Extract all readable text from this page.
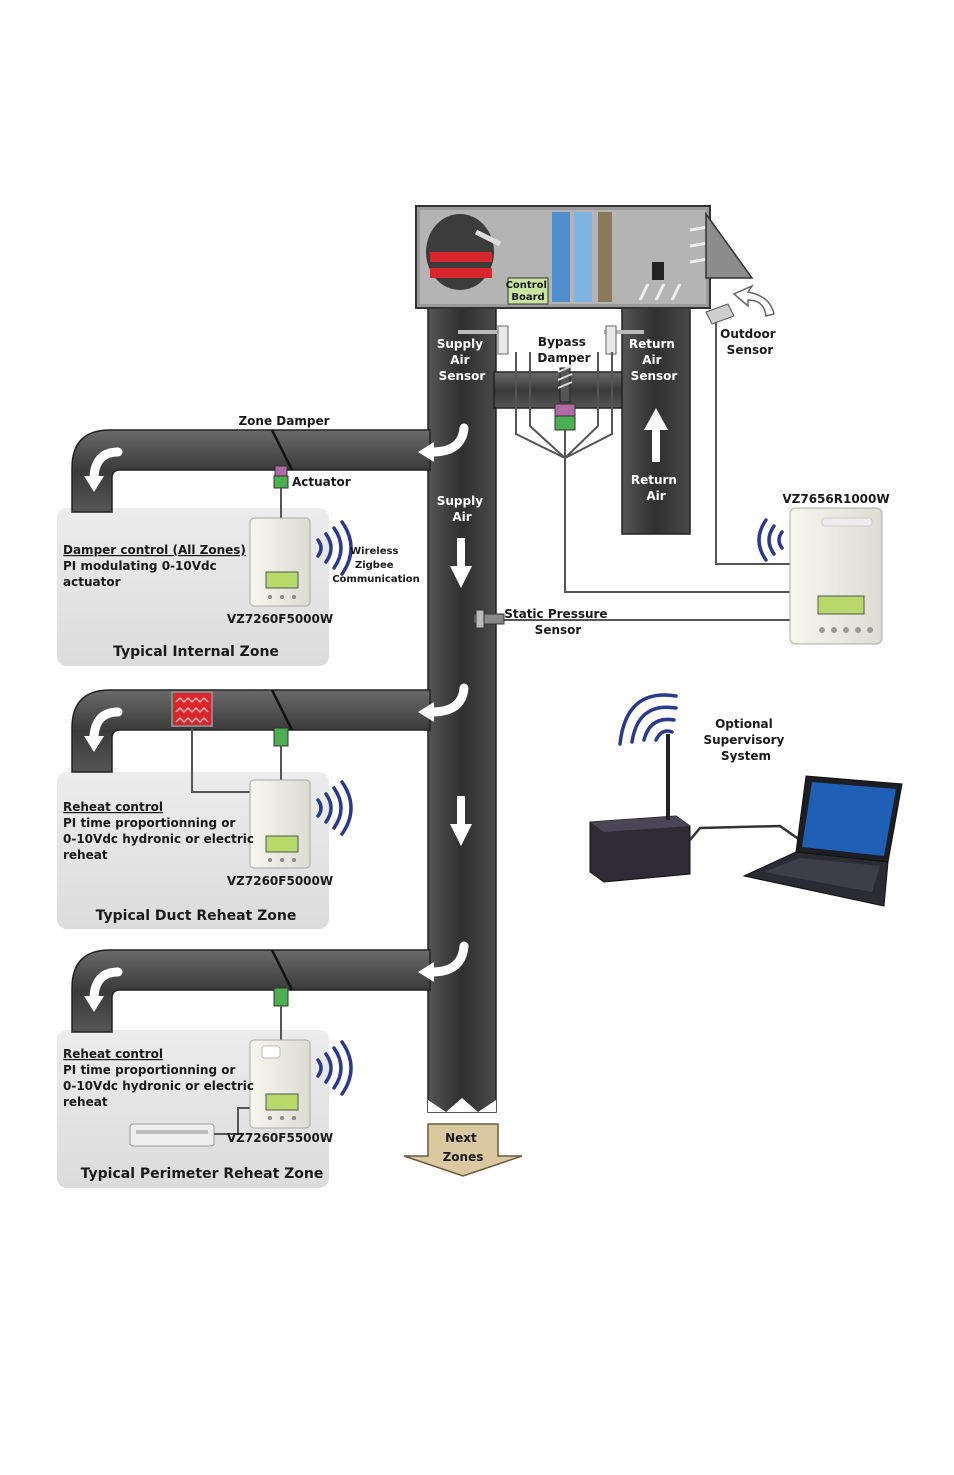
Control Board
Supply Air Sensor
Bypass Damper
Return Air Sensor
Outdoor Sensor
Zone Damper
Actuator
Supply Air
Return Air
Wireless Zigbee Communication
Static Pressure Sensor
VZ7656R1000W
Optional Supervisory System
Next Zones
Damper control (All Zones)
PI modulating 0-10Vdc actuator
VZ7260F5000W
Typical Internal Zone
Reheat control
PI time proportionning or 0-10Vdc hydronic or electric reheat
VZ7260F5000W
Typical Duct Reheat Zone
Reheat control
PI time proportionning or 0-10Vdc hydronic or electric reheat
VZ7260F5500W
Typical Perimeter Reheat Zone
